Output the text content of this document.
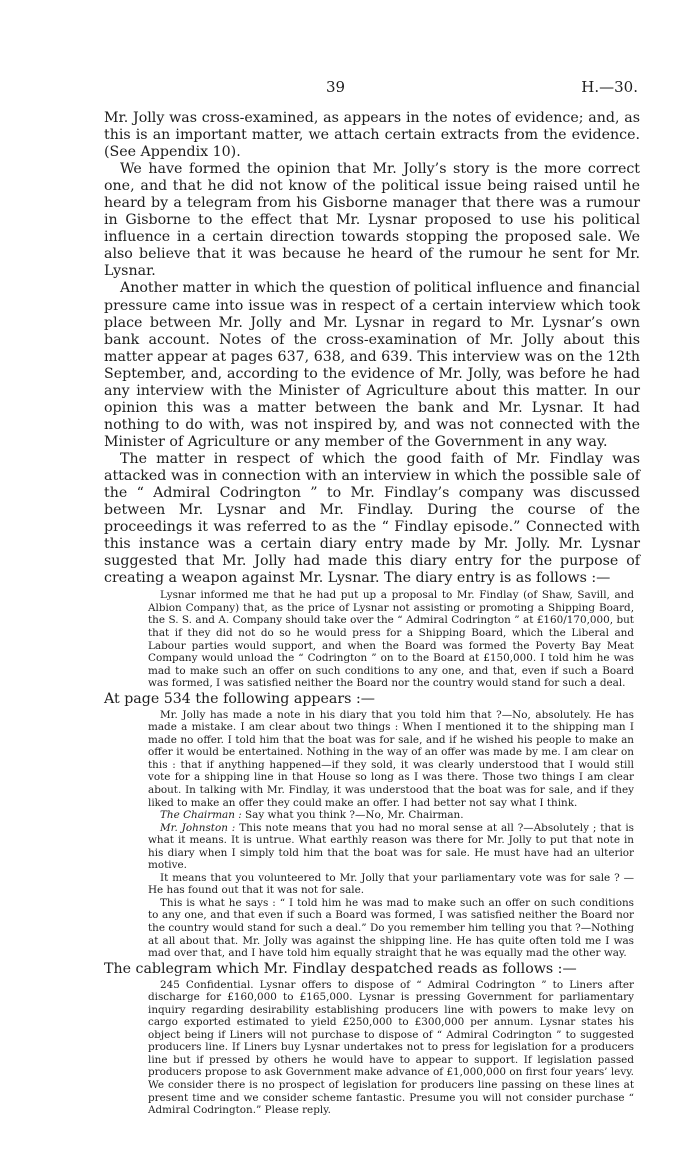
39	H.—30.

Mr. Jolly was cross-examined, as appears in the notes of evidence; and, as this is an important matter, we attach certain extracts from the evidence. (See Appendix 10).

We have formed the opinion that Mr. Jolly’s story is the more correct one, and that he did not know of the political issue being raised until he heard by a telegram from his Gisborne manager that there was a rumour in Gisborne to the effect that Mr. Lysnar proposed to use his political influence in a certain direction towards stopping the proposed sale. We also believe that it was because he heard of the rumour he sent for Mr. Lysnar.

Another matter in which the question of political influence and financial pressure came into issue was in respect of a certain interview which took place between Mr. Jolly and Mr. Lysnar in regard to Mr. Lysnar’s own bank account. Notes of the cross-examination of Mr. Jolly about this matter appear at pages 637, 638, and 639. This interview was on the 12th September, and, according to the evidence of Mr. Jolly, was before he had any interview with the Minister of Agriculture about this matter. In our opinion this was a matter between the bank and Mr. Lysnar. It had nothing to do with, was not inspired by, and was not connected with the Minister of Agriculture or any member of the Government in any way.

The matter in respect of which the good faith of Mr. Findlay was attacked was in connection with an interview in which the possible sale of the “ Admiral Codrington ” to Mr. Findlay’s company was discussed between Mr. Lysnar and Mr. Findlay. During the course of the proceedings it was referred to as the “ Findlay episode.” Connected with this instance was a certain diary entry made by Mr. Jolly. Mr. Lysnar suggested that Mr. Jolly had made this diary entry for the purpose of creating a weapon against Mr. Lysnar. The diary entry is as follows :—

Lysnar informed me that he had put up a proposal to Mr. Findlay (of Shaw, Savill, and Albion Company) that, as the price of Lysnar not assisting or promoting a Shipping Board, the S. S. and A. Company should take over the “ Admiral Codrington ” at £160/170,000, but that if they did not do so he would press for a Shipping Board, which the Liberal and Labour parties would support, and when the Board was formed the Poverty Bay Meat Company would unload the “ Codrington ” on to the Board at £150,000. I told him he was mad to make such an offer on such conditions to any one, and that, even if such a Board was formed, I was satisfied neither the Board nor the country would stand for such a deal.

At page 534 the following appears :—

Mr. Jolly has made a note in his diary that you told him that ?—No, absolutely. He has made a mistake. I am clear about two things : When I mentioned it to the shipping man I made no offer. I told him that the boat was for sale, and if he wished his people to make an offer it would be entertained. Nothing in the way of an offer was made by me. I am clear on this : that if anything happened—if they sold, it was clearly understood that I would still vote for a shipping line in that House so long as I was there. Those two things I am clear about. In talking with Mr. Findlay, it was understood that the boat was for sale, and if they liked to make an offer they could make an offer. I had better not say what I think.

The Chairman : Say what you think ?—No, Mr. Chairman.

Mr. Johnston : This note means that you had no moral sense at all ?—Absolutely ; that is what it means. It is untrue. What earthly reason was there for Mr. Jolly to put that note in his diary when I simply told him that the boat was for sale. He must have had an ulterior motive.

It means that you volunteered to Mr. Jolly that your parliamentary vote was for sale ? —He has found out that it was not for sale.

This is what he says : “ I told him he was mad to make such an offer on such conditions to any one, and that even if such a Board was formed, I was satisfied neither the Board nor the country would stand for such a deal.” Do you remember him telling you that ?—Nothing at all about that. Mr. Jolly was against the shipping line. He has quite often told me I was mad over that, and I have told him equally straight that he was equally mad the other way.

The cablegram which Mr. Findlay despatched reads as follows :—

245 Confidential. Lysnar offers to dispose of “ Admiral Codrington ” to Liners after discharge for £160,000 to £165,000. Lysnar is pressing Government for parliamentary inquiry regarding desirability establishing producers line with powers to make levy on cargo exported estimated to yield £250,000 to £300,000 per annum. Lysnar states his object being if Liners will not purchase to dispose of “ Admiral Codrington ” to suggested producers line. If Liners buy Lysnar undertakes not to press for legislation for a producers line but if pressed by others he would have to appear to support. If legislation passed producers propose to ask Government make advance of £1,000,000 on first four years’ levy. We consider there is no prospect of legislation for producers line passing on these lines at present time and we consider scheme fantastic. Presume you will not consider purchase “ Admiral Codrington.” Please reply.
